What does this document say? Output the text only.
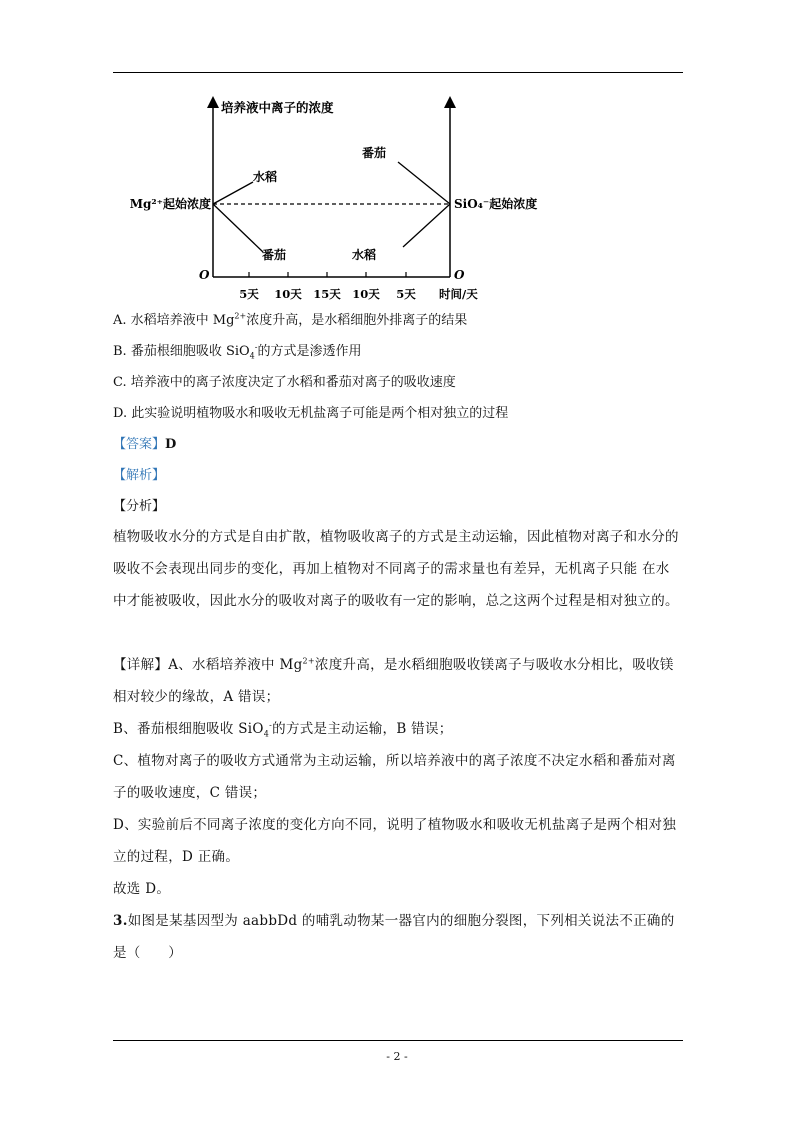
培养液中离子的浓度
Mg²⁺起始浓度	SiO₄⁻起始浓度
水稻
番茄
番茄
水稻
O	O
5天 10天 15天 10天 5天 时间/天
A. 水稻培养液中 $Mg^{2+}$浓度升高，是水稻细胞外排离子的结果
B. 番茄根细胞吸收 SiO$_4$-的方式是渗透作用
C. 培养液中的离子浓度决定了水稻和番茄对离子的吸收速度
D. 此实验说明植物吸水和吸收无机盐离子可能是两个相对独立的过程
【答案】D
【解析】
【分析】
植物吸收水分的方式是自由扩散，植物吸收离子的方式是主动运输，因此植物对离子和水分的吸收不会表现出同步的变化，再加上植物对不同离子的需求量也有差异，无机离子只能 在水中才能被吸收，因此水分的吸收对离子的吸收有一定的影响，总之这两个过程是相对独立的。
【详解】A、水稻培养液中 $Mg^{2+}$浓度升高，是水稻细胞吸收镁离子与吸收水分相比，吸收镁相对较少的缘故，A 错误；
B、番茄根细胞吸收 SiO$_4$-的方式是主动运输，B 错误；
C、植物对离子的吸收方式通常为主动运输，所以培养液中的离子浓度不决定水稻和番茄对离子的吸收速度，C 错误；
D、实验前后不同离子浓度的变化方向不同，说明了植物吸水和吸收无机盐离子是两个相对独立的过程，D 正确。
故选 D。
3.如图是某基因型为 aabbDd 的哺乳动物某一器官内的细胞分裂图，下列相关说法不正确的是（　　）
- 2 -
